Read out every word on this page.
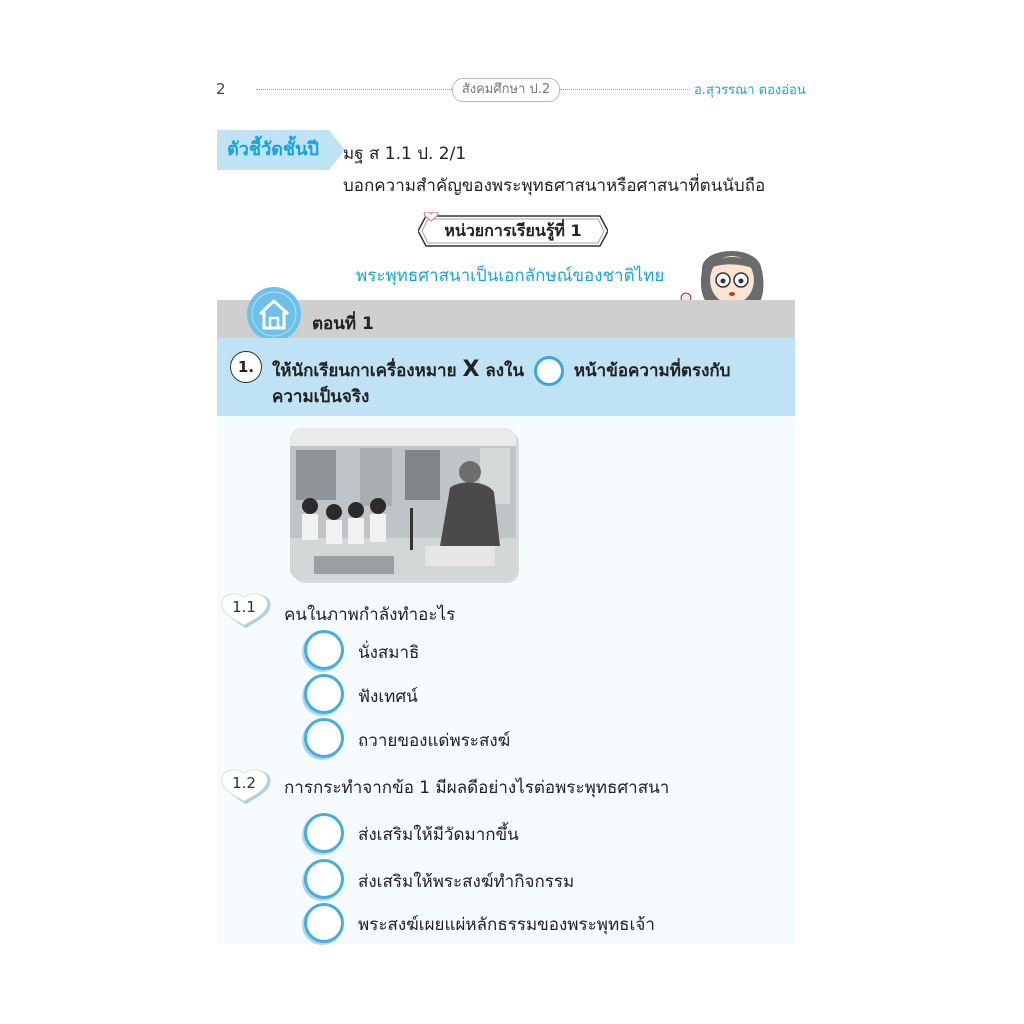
2	สังคมศึกษา ป.2	อ.สุวรรณา ตองอ่อน
ตัวชี้วัดชั้นปี	มฐ ส 1.1 ป. 2/1
บอกความสำคัญของพระพุทธศาสนาหรือศาสนาที่ตนนับถือ
หน่วยการเรียนรู้ที่ 1
พระพุทธศาสนาเป็นเอกลักษณ์ของชาติไทย
ตอนที่ 1
1.	ให้นักเรียนกาเครื่องหมาย X ลงใน	หน้าข้อความที่ตรงกับ
ความเป็นจริง
1.1	คนในภาพกำลังทำอะไร
นั่งสมาธิ
ฟังเทศน์
ถวายของแด่พระสงฆ์
1.2	การกระทำจากข้อ 1 มีผลดีอย่างไรต่อพระพุทธศาสนา
ส่งเสริมให้มีวัดมากขึ้น
ส่งเสริมให้พระสงฆ์ทำกิจกรรม
พระสงฆ์เผยแผ่หลักธรรมของพระพุทธเจ้า
